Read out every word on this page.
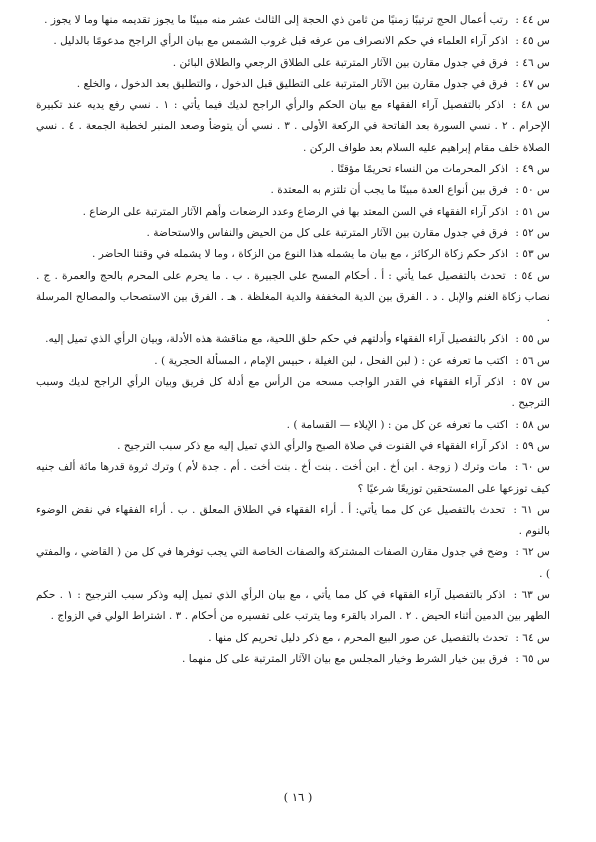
س ٤٤ : رتب أعمال الحج ترتيبًا زمنيًا من ثامن ذي الحجة إلى الثالث عشر منه مبينًا ما يجوز تقديمه منها وما لا يجوز .
س ٤٥ : اذكر آراء العلماء في حكم الانصراف من عرفه قبل غروب الشمس مع بيان الرأي الراجح مدعومًا بالدليل .
س ٤٦ : فرق في جدول مقارن بين الآثار المترتبة على الطلاق الرجعي والطلاق البائن .
س ٤٧ : فرق في جدول مقارن بين الآثار المترتبة على التطليق قبل الدخول ، والتطليق بعد الدخول ، والخلع .
س ٤٨ : اذكر بالتفصيل آراء الفقهاء مع بيان الحكم والرأي الراجح لديك فيما يأتي : ١ . نسي رفع يديه عند تكبيرة الإحرام . ٢ . نسي السورة بعد الفاتحة في الركعة الأولى . ٣ . نسي أن يتوضأ وصعد المنبر لخطبة الجمعة . ٤ . نسي الصلاة خلف مقام إبراهيم عليه السلام بعد طواف الركن .
س ٤٩ : اذكر المحرمات من النساء تحريمًا مؤقتًا .
س ٥٠ : فرق بين أنواع العدة مبينًا ما يجب أن تلتزم به المعتدة .
س ٥١ : اذكر آراء الفقهاء في السن المعتد بها في الرضاع وعدد الرضعات وأهم الآثار المترتبة على الرضاع .
س ٥٢ : فرق في جدول مقارن بين الآثار المترتبة على كل من الحيض والنفاس والاستحاضة .
س ٥٣ : اذكر حكم زكاة الركائز ، مع بيان ما يشمله هذا النوع من الزكاة ، وما لا يشمله في وقتنا الحاضر .
س ٥٤ : تحدث بالتفصيل عما يأتي : أ . أحكام المسح على الجبيرة . ب . ما يحرم على المحرم بالحج والعمرة . ج . نصاب زكاة الغنم والإبل . د . الفرق بين الدية المخففة والدية المغلظة . هـ . الفرق بين الاستصحاب والمصالح المرسلة .
س ٥٥ : اذكر بالتفصيل آراء الفقهاء وأدلتهم في حكم حلق اللحية، مع مناقشة هذه الأدلة، وبيان الرأي الذي تميل إليه.
س ٥٦ : اكتب ما تعرفه عن : ( لبن الفحل ، لبن الغيلة ، حبيس الإمام ، المسألة الحجرية ) .
س ٥٧ : اذكر آراء الفقهاء في القدر الواجب مسحه من الرأس مع أدلة كل فريق وبيان الرأي الراجح لديك وسبب الترجيح .
س ٥٨ : اكتب ما تعرفه عن كل من : ( الإيلاء — القسامة ) .
س ٥٩ : اذكر آراء الفقهاء في القنوت في صلاة الصبح والرأي الذي تميل إليه مع ذكر سبب الترجيح .
س ٦٠ : مات وترك ( زوجة . ابن أخ . ابن أخت . بنت أخ . بنت أخت . أم . جدة لأم ) وترك ثروة قدرها مائة ألف جنيه كيف توزعها على المستحقين توزيعًا شرعيًا ؟
س ٦١ : تحدث بالتفصيل عن كل مما يأتي: أ . أراء الفقهاء في الطلاق المعلق . ب . أراء الفقهاء في نقض الوضوء بالنوم .
س ٦٢ : وضح في جدول مقارن الصفات المشتركة والصفات الخاصة التي يجب توفرها في كل من ( القاضي ، والمفتي ) .
س ٦٣ : اذكر بالتفصيل آراء الفقهاء في كل مما يأتي ، مع بيان الرأي الذي تميل إليه وذكر سبب الترجيح : ١ . حكم الطهر بين الدمين أثناء الحيض . ٢ . المراد بالقرء وما يترتب على تفسيره من أحكام . ٣ . اشتراط الولي في الزواج .
س ٦٤ : تحدث بالتفصيل عن صور البيع المحرم ، مع ذكر دليل تحريم كل منها .
س ٦٥ : فرق بين خيار الشرط وخيار المجلس مع بيان الآثار المترتبة على كل منهما .
( ١٦ )
